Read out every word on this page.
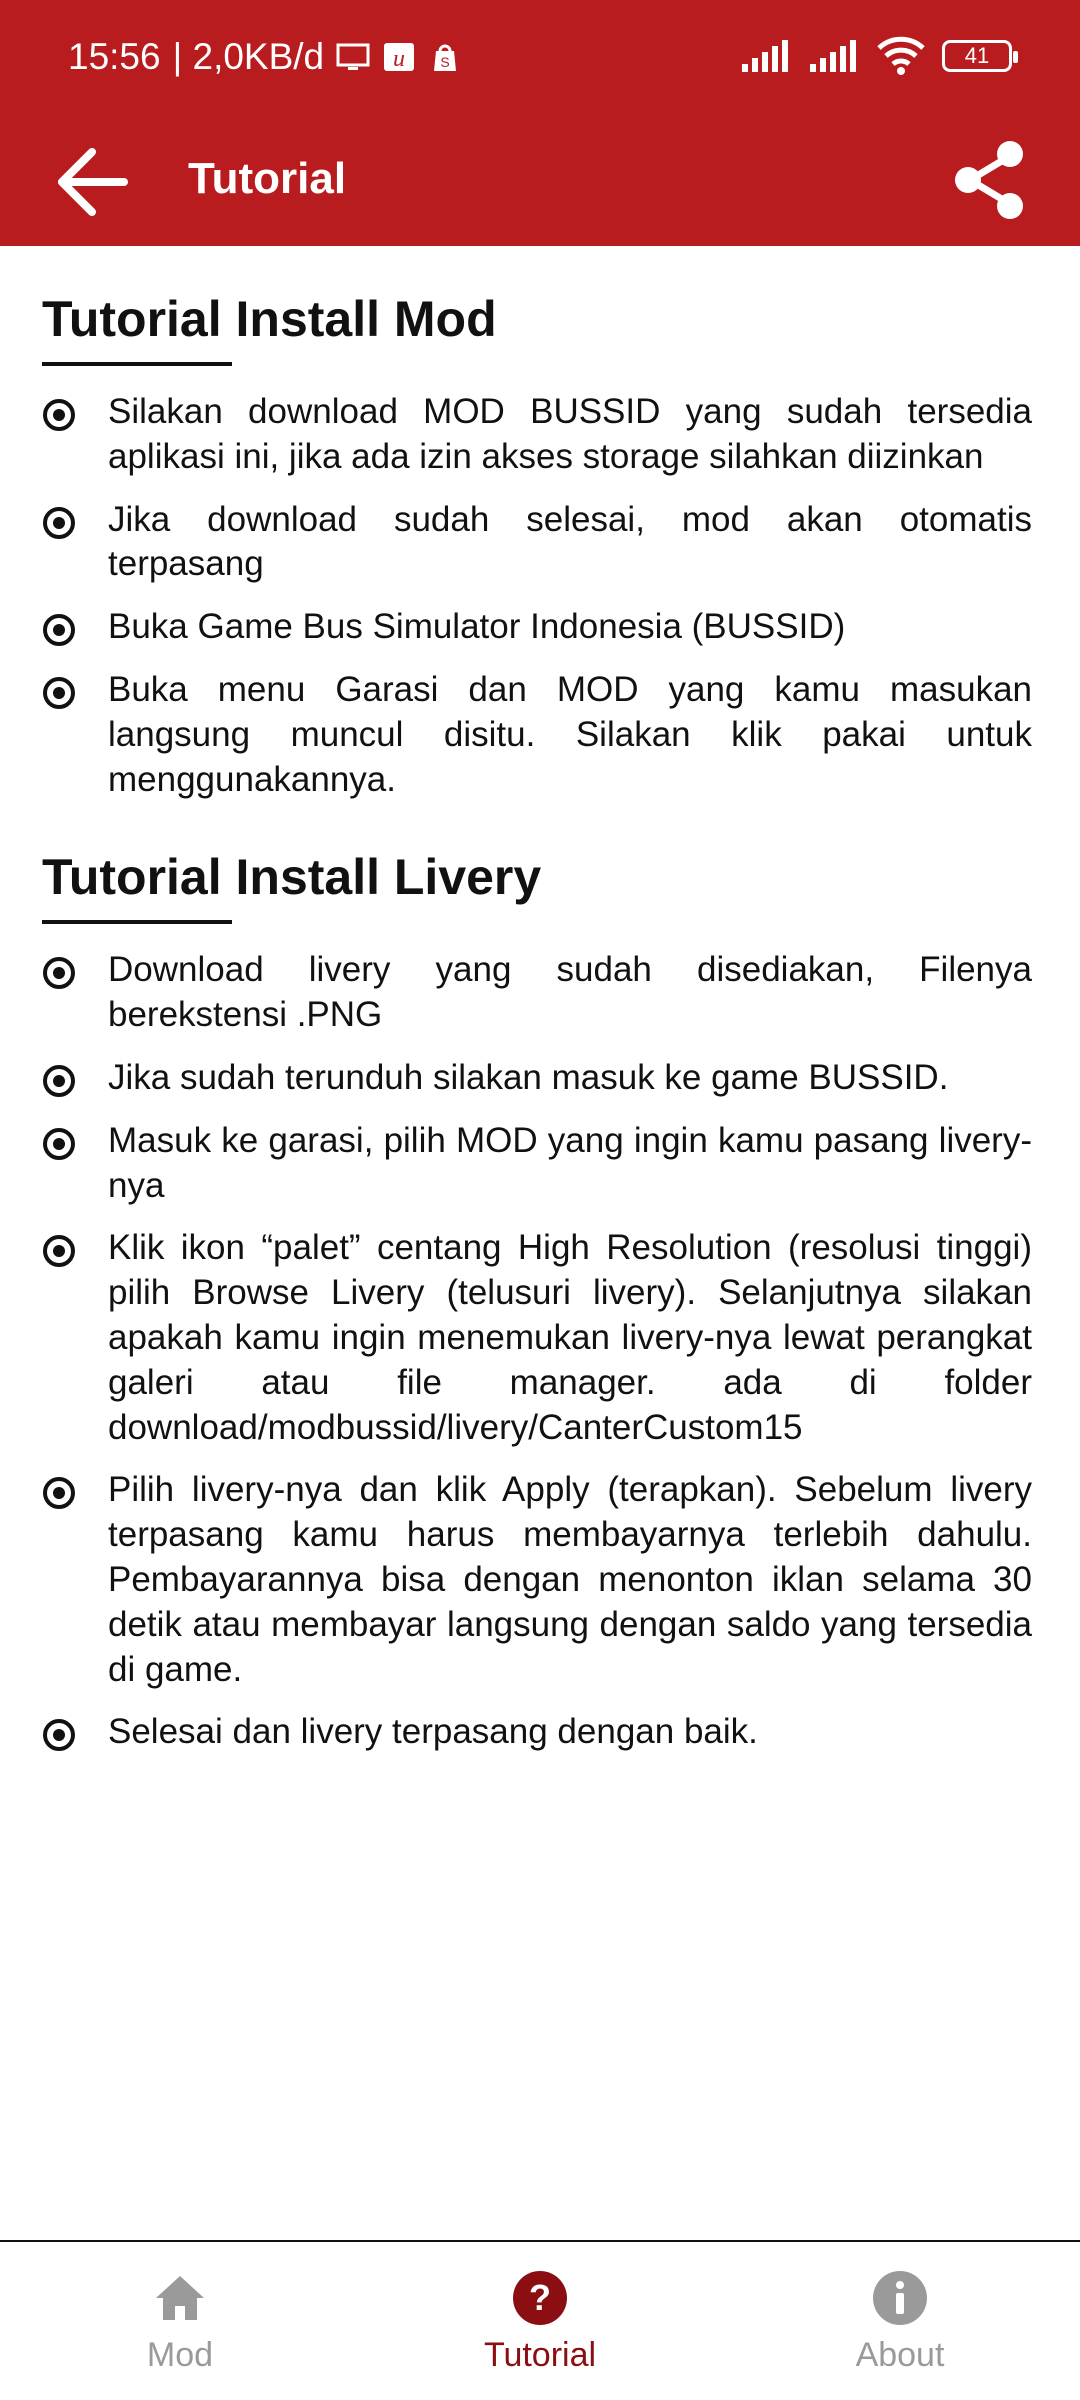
15:56 | 2,0KB/d	u	S	41
Tutorial
Tutorial Install Mod
Silakan download MOD BUSSID yang sudah tersedia aplikasi ini, jika ada izin akses storage silahkan diizinkan
Jika download sudah selesai, mod akan otomatis terpasang
Buka Game Bus Simulator Indonesia (BUSSID)
Buka menu Garasi dan MOD yang kamu masukan langsung muncul disitu. Silakan klik pakai untuk menggunakannya.
Tutorial Install Livery
Download livery yang sudah disediakan, Filenya berekstensi .PNG
Jika sudah terunduh silakan masuk ke game BUSSID.
Masuk ke garasi, pilih MOD yang ingin kamu pasang livery-nya
Klik ikon “palet” centang High Resolution (resolusi tinggi) pilih Browse Livery (telusuri livery). Selanjutnya silakan apakah kamu ingin menemukan livery-nya lewat perangkat galeri atau file manager. ada di folder download/modbussid/livery/CanterCustom15
Pilih livery-nya dan klik Apply (terapkan). Sebelum livery terpasang kamu harus membayarnya terlebih dahulu. Pembayarannya bisa dengan menonton iklan selama 30 detik atau membayar langsung dengan saldo yang tersedia di game.
Selesai dan livery terpasang dengan baik.
Mod
?
Tutorial	About
